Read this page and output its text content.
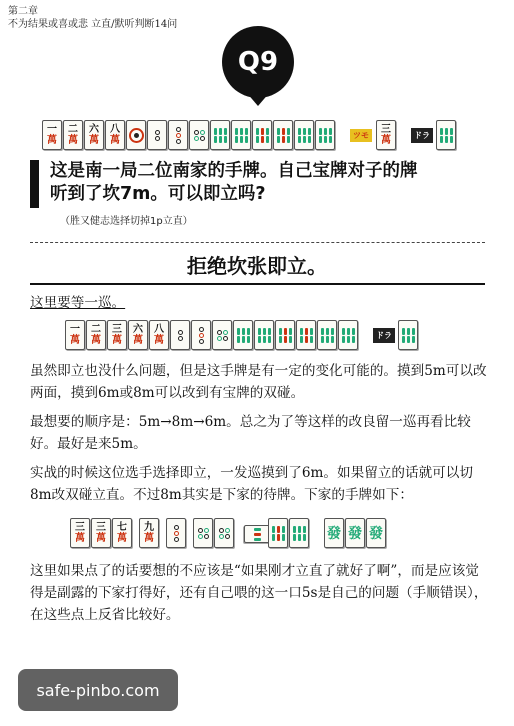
第二章
不为结果或喜或悲 立直/默听判断14问
Q9
一
萬 二
萬 六
萬 八 萬	ツモ	三 萬	ドラ
这是南一局二位南家的手牌。自己宝牌对子的牌
听到了坎7m。可以即立吗?
（胜又健志选择切掉1p立直）
拒绝坎张即立。
这里要等一巡。
一
萬 二
萬 三
萬 六
萬 八 萬	ドラ
虽然即立也没什么问题，但是这手牌是有一定的变化可能的。摸到5m可以改两面，摸到6m或8m可以改到有宝牌的双碰。
最想要的顺序是：5m→8m→6m。总之为了等这样的改良留一巡再看比较好。最好是来5m。
实战的时候这位选手选择即立，一发巡摸到了6m。如果留立的话就可以切8m改双碰立直。不过8m其实是下家的待牌。下家的手牌如下：
三
萬 三
萬 七
萬 九
萬	發 發 發
这里如果点了的话要想的不应该是“如果刚才立直了就好了啊”，而是应该觉得是副露的下家打得好，还有自己喂的这一口5s是自己的问题（手顺错误），在这些点上反省比较好。
safe-pinbo.com
